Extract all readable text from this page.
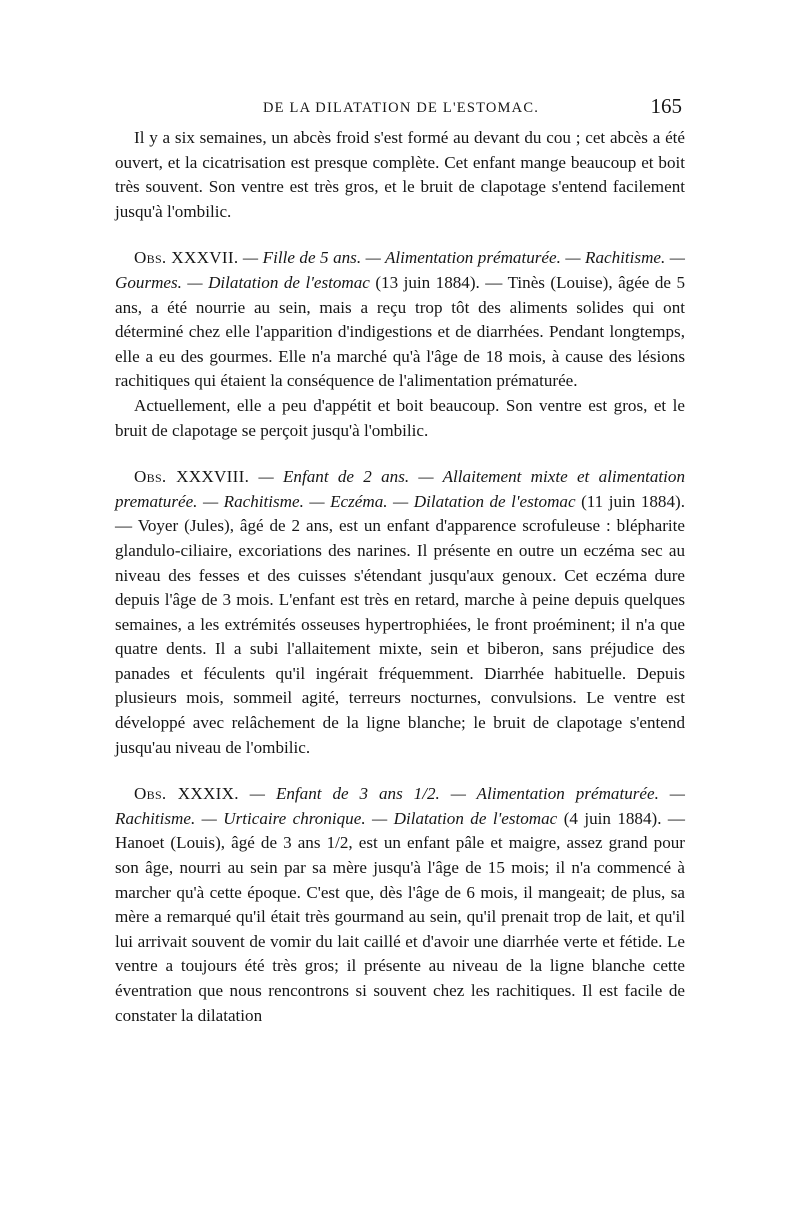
DE LA DILATATION DE L'ESTOMAC.	165

Il y a six semaines, un abcès froid s'est formé au devant du cou ; cet abcès a été ouvert, et la cicatrisation est presque complète. Cet enfant mange beaucoup et boit très souvent. Son ventre est très gros, et le bruit de clapotage s'entend facilement jusqu'à l'ombilic.

Obs. XXXVII. — Fille de 5 ans. — Alimentation prématurée. — Rachitisme. — Gourmes. — Dilatation de l'estomac (13 juin 1884). — Tinès (Louise), âgée de 5 ans, a été nourrie au sein, mais a reçu trop tôt des aliments solides qui ont déterminé chez elle l'apparition d'indigestions et de diarrhées. Pendant longtemps, elle a eu des gourmes. Elle n'a marché qu'à l'âge de 18 mois, à cause des lésions rachitiques qui étaient la conséquence de l'alimentation prématurée.

Actuellement, elle a peu d'appétit et boit beaucoup. Son ventre est gros, et le bruit de clapotage se perçoit jusqu'à l'ombilic.

Obs. XXXVIII. — Enfant de 2 ans. — Allaitement mixte et alimentation prematurée. — Rachitisme. — Eczéma. — Dilatation de l'estomac (11 juin 1884). — Voyer (Jules), âgé de 2 ans, est un enfant d'apparence scrofuleuse : blépharite glandulo-ciliaire, excoriations des narines. Il présente en outre un eczéma sec au niveau des fesses et des cuisses s'étendant jusqu'aux genoux. Cet eczéma dure depuis l'âge de 3 mois. L'enfant est très en retard, marche à peine depuis quelques semaines, a les extrémités osseuses hypertrophiées, le front proéminent; il n'a que quatre dents. Il a subi l'allaitement mixte, sein et biberon, sans préjudice des panades et féculents qu'il ingérait fréquemment. Diarrhée habituelle. Depuis plusieurs mois, sommeil agité, terreurs nocturnes, convulsions. Le ventre est développé avec relâchement de la ligne blanche; le bruit de clapotage s'entend jusqu'au niveau de l'ombilic.

Obs. XXXIX. — Enfant de 3 ans 1/2. — Alimentation prématurée. — Rachitisme. — Urticaire chronique. — Dilatation de l'estomac (4 juin 1884). — Hanoet (Louis), âgé de 3 ans 1/2, est un enfant pâle et maigre, assez grand pour son âge, nourri au sein par sa mère jusqu'à l'âge de 15 mois; il n'a commencé à marcher qu'à cette époque. C'est que, dès l'âge de 6 mois, il mangeait; de plus, sa mère a remarqué qu'il était très gourmand au sein, qu'il prenait trop de lait, et qu'il lui arrivait souvent de vomir du lait caillé et d'avoir une diarrhée verte et fétide. Le ventre a toujours été très gros; il présente au niveau de la ligne blanche cette éventration que nous rencontrons si souvent chez les rachitiques. Il est facile de constater la dilatation
